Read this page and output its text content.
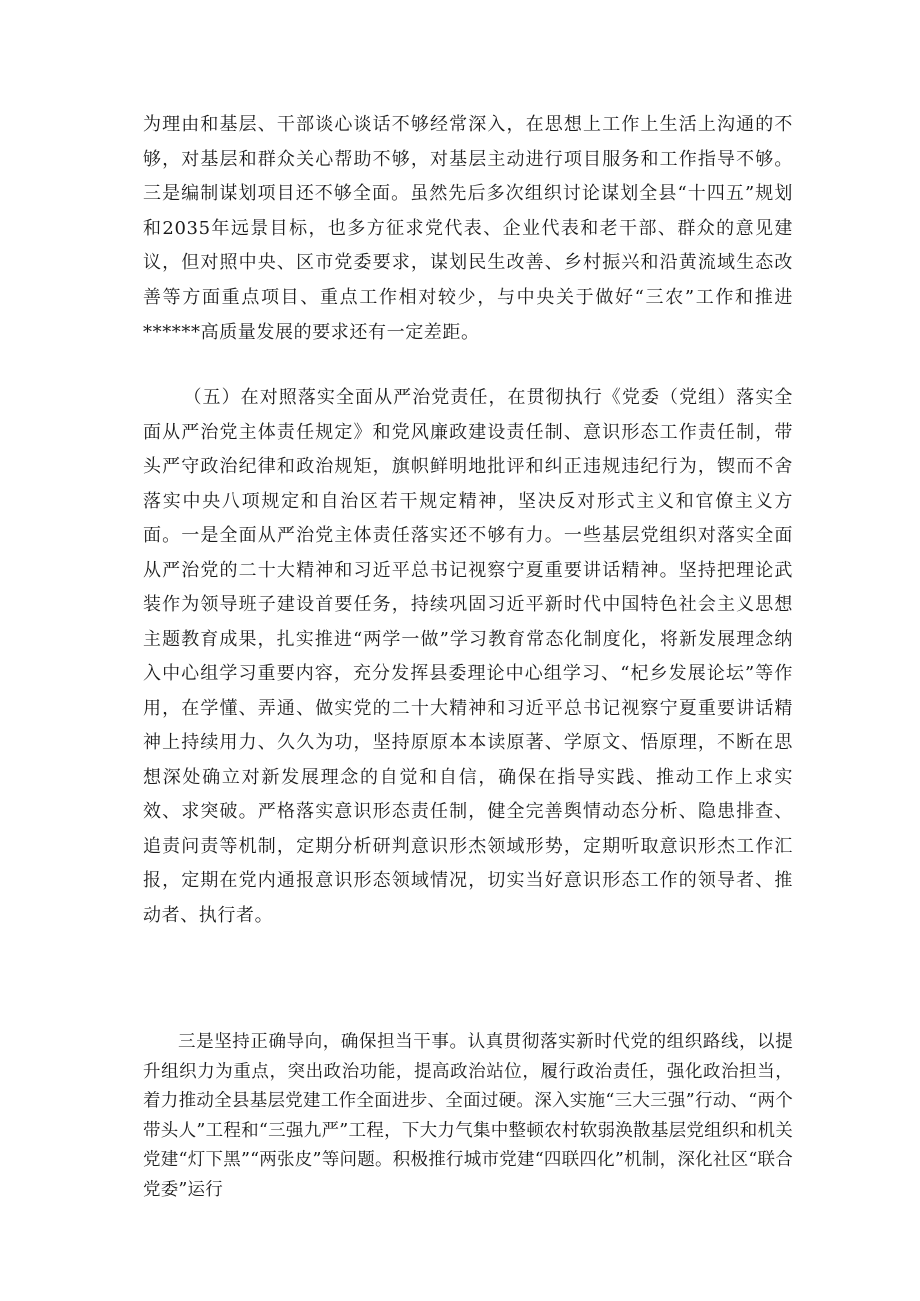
为理由和基层、干部谈心谈话不够经常深入，在思想上工作上生活上沟通的不够，对基层和群众关心帮助不够，对基层主动进行项目服务和工作指导不够。三是编制谋划项目还不够全面。虽然先后多次组织讨论谋划全县“十四五”规划和2035年远景目标，也多方征求党代表、企业代表和老干部、群众的意见建议，但对照中央、区市党委要求，谋划民生改善、乡村振兴和沿黄流域生态改善等方面重点项目、重点工作相对较少，与中央关于做好“三农”工作和推进******高质量发展的要求还有一定差距。

（五）在对照落实全面从严治党责任，在贯彻执行《党委（党组）落实全面从严治党主体责任规定》和党风廉政建设责任制、意识形态工作责任制，带头严守政治纪律和政治规矩，旗帜鲜明地批评和纠正违规违纪行为，锲而不舍落实中央八项规定和自治区若干规定精神，坚决反对形式主义和官僚主义方面。一是全面从严治党主体责任落实还不够有力。一些基层党组织对落实全面从严治党的二十大精神和习近平总书记视察宁夏重要讲话精神。坚持把理论武装作为领导班子建设首要任务，持续巩固习近平新时代中国特色社会主义思想主题教育成果，扎实推进“两学一做”学习教育常态化制度化，将新发展理念纳入中心组学习重要内容，充分发挥县委理论中心组学习、“杞乡发展论坛”等作用，在学懂、弄通、做实党的二十大精神和习近平总书记视察宁夏重要讲话精神上持续用力、久久为功，坚持原原本本读原著、学原文、悟原理，不断在思想深处确立对新发展理念的自觉和自信，确保在指导实践、推动工作上求实效、求突破。严格落实意识形态责任制，健全完善舆情动态分析、隐患排查、追责问责等机制，定期分析研判意识形杰领域形势，定期听取意识形杰工作汇报，定期在党内通报意识形态领域情况，切实当好意识形态工作的领导者、推动者、执行者。

三是坚持正确导向，确保担当干事。认真贯彻落实新时代党的组织路线，以提升组织力为重点，突出政治功能，提高政治站位，履行政治责任，强化政治担当，着力推动全县基层党建工作全面进步、全面过硬。深入实施“三大三强”行动、“两个带头人”工程和“三强九严”工程，下大力气集中整顿农村软弱涣散基层党组织和机关党建“灯下黑”“两张皮”等问题。积极推行城市党建“四联四化”机制，深化社区“联合党委”运行
